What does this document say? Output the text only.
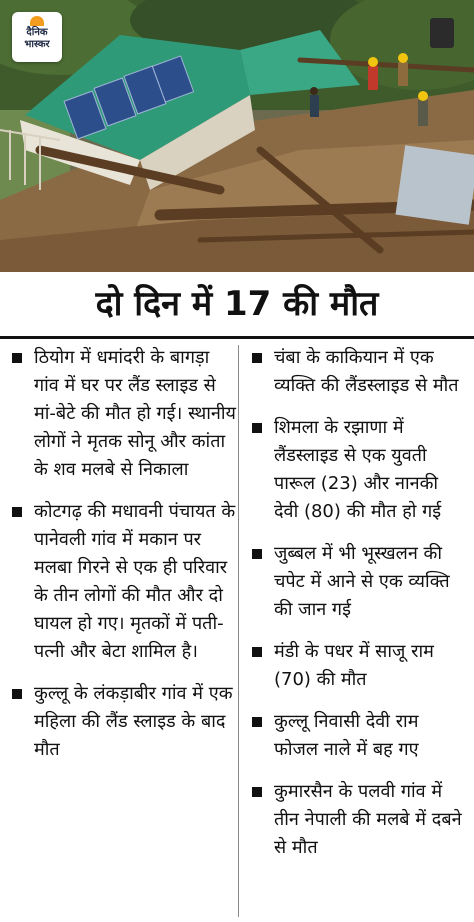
दैनिक
भास्कर
दो दिन में 17 की मौत
ठियोग में धमांदरी के बागड़ा गांव में घर पर लैंड स्लाइड से मां-बेटे की मौत हो गई। स्थानीय लोगों ने मृतक सोनू और कांता के शव मलबे से निकाला
कोटगढ़ की मधावनी पंचायत के पानेवली गांव में मकान पर मलबा गिरने से एक ही परिवार के तीन लोगों की मौत और दो घायल हो गए। मृतकों में पती-पत्नी और बेटा शामिल है।
कुल्लू के लंकड़ाबीर गांव में एक महिला की लैंड स्लाइड के बाद मौत
चंबा के काकियान में एक व्यक्ति की लैंडस्लाइड से मौत
शिमला के रझाणा में लैंडस्लाइड से एक युवती पारूल (23) और नानकी देवी (80) की मौत हो गई
जुब्बल में भी भूस्खलन की चपेट में आने से एक व्यक्ति की जान गई
मंडी के पधर में साजू राम (70) की मौत
कुल्लू निवासी देवी राम फोजल नाले में बह गए
कुमारसैन के पलवी गांव में तीन नेपाली की मलबे में दबने से मौत
